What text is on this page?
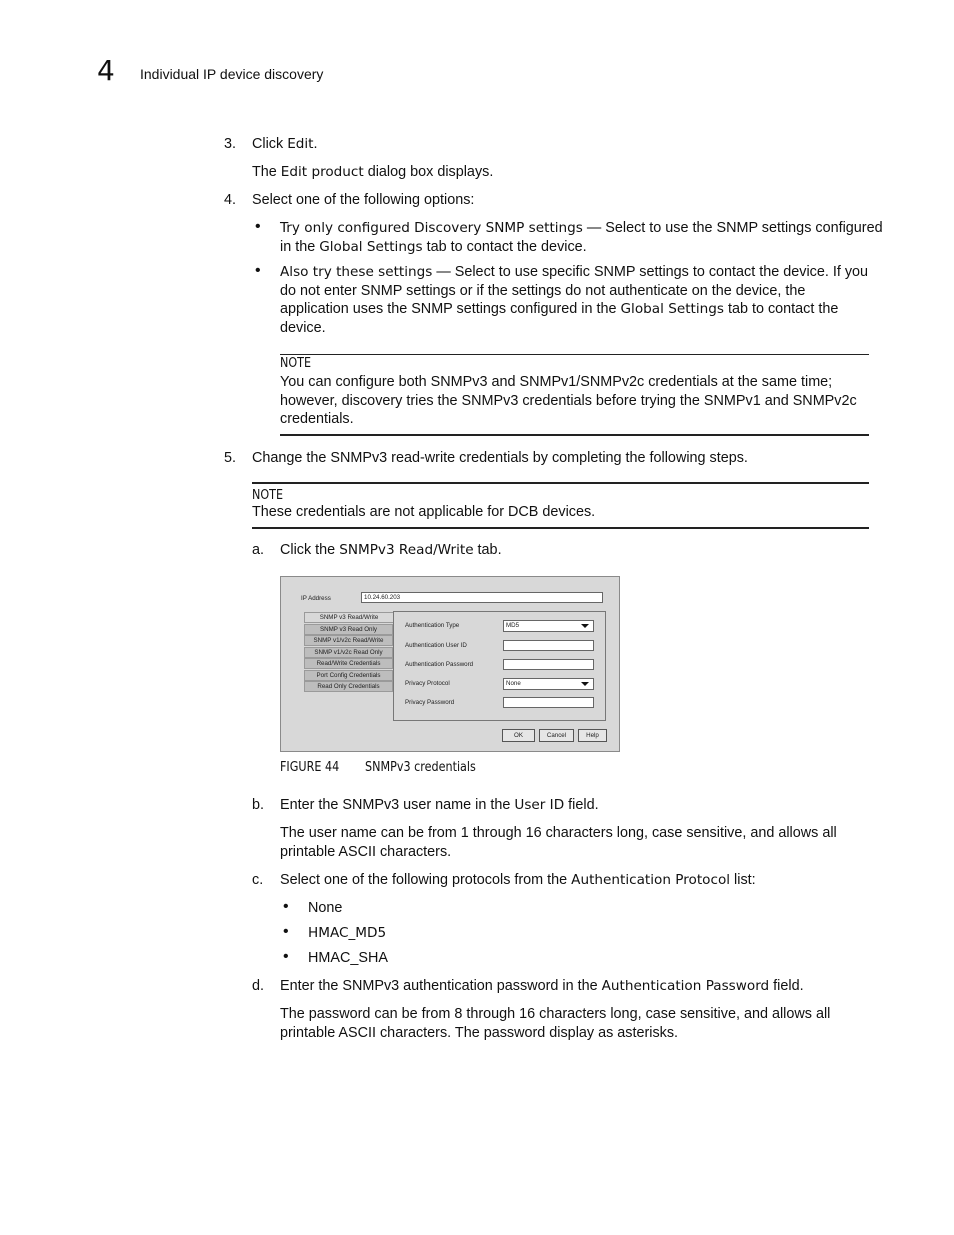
4 Individual IP device discovery
3. Click Edit.

The Edit product dialog box displays.

4. Select one of the following options:

• Try only configured Discovery SNMP settings — Select to use the SNMP settings configured

in the Global Settings tab to contact the device.

• Also try these settings — Select to use specific SNMP settings to contact the device. If you

do not enter SNMP settings or if the settings do not authenticate on the device, the

application uses the SNMP settings configured in the Global Settings tab to contact the

device.

NOTE

You can configure both SNMPv3 and SNMPv1/SNMPv2c credentials at the same time;

however, discovery tries the SNMPv3 credentials before trying the SNMPv1 and SNMPv2c

credentials.

5. Change the SNMPv3 read-write credentials by completing the following steps.

NOTE

These credentials are not applicable for DCB devices.

a. Click the SNMPv3 Read/Write tab.

IP Address	10.24.60.203
SNMP v3 Read/Write
SNMP v3 Read Only
SNMP v1/v2c Read/Write
SNMP v1/v2c Read Only
Read/Write Credentials
Port Config Credentials
Read Only Credentials
Authentication Type	MD5
Authentication User ID
Authentication Password
Privacy Protocol	None
Privacy Password
OK	Cancel	Help
FIGURE 44 SNMPv3 credentials
b. Enter the SNMPv3 user name in the User ID field.

The user name can be from 1 through 16 characters long, case sensitive, and allows all

printable ASCII characters.

c. Select one of the following protocols from the Authentication Protocol list:

• None

• HMAC_MD5

• HMAC_SHA

d. Enter the SNMPv3 authentication password in the Authentication Password field.

The password can be from 8 through 16 characters long, case sensitive, and allows all

printable ASCII characters. The password display as asterisks.
